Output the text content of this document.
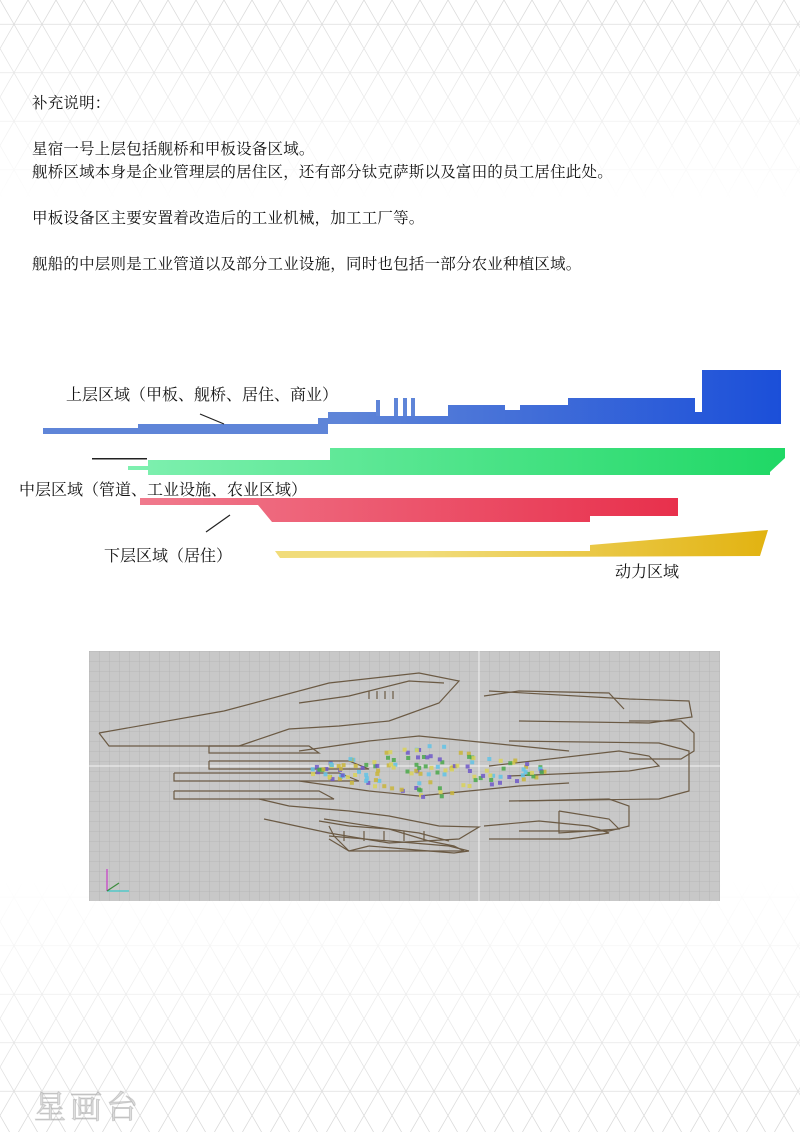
补充说明：
星宿一号上层包括舰桥和甲板设备区域。
舰桥区域本身是企业管理层的居住区，还有部分钛克萨斯以及富田的员工居住此处。
甲板设备区主要安置着改造后的工业机械，加工工厂等。
舰船的中层则是工业管道以及部分工业设施，同时也包括一部分农业种植区域。
上层区域（甲板、舰桥、居住、商业）
中层区域（管道、工业设施、农业区域）
下层区域（居住）
动力区域
星画台
